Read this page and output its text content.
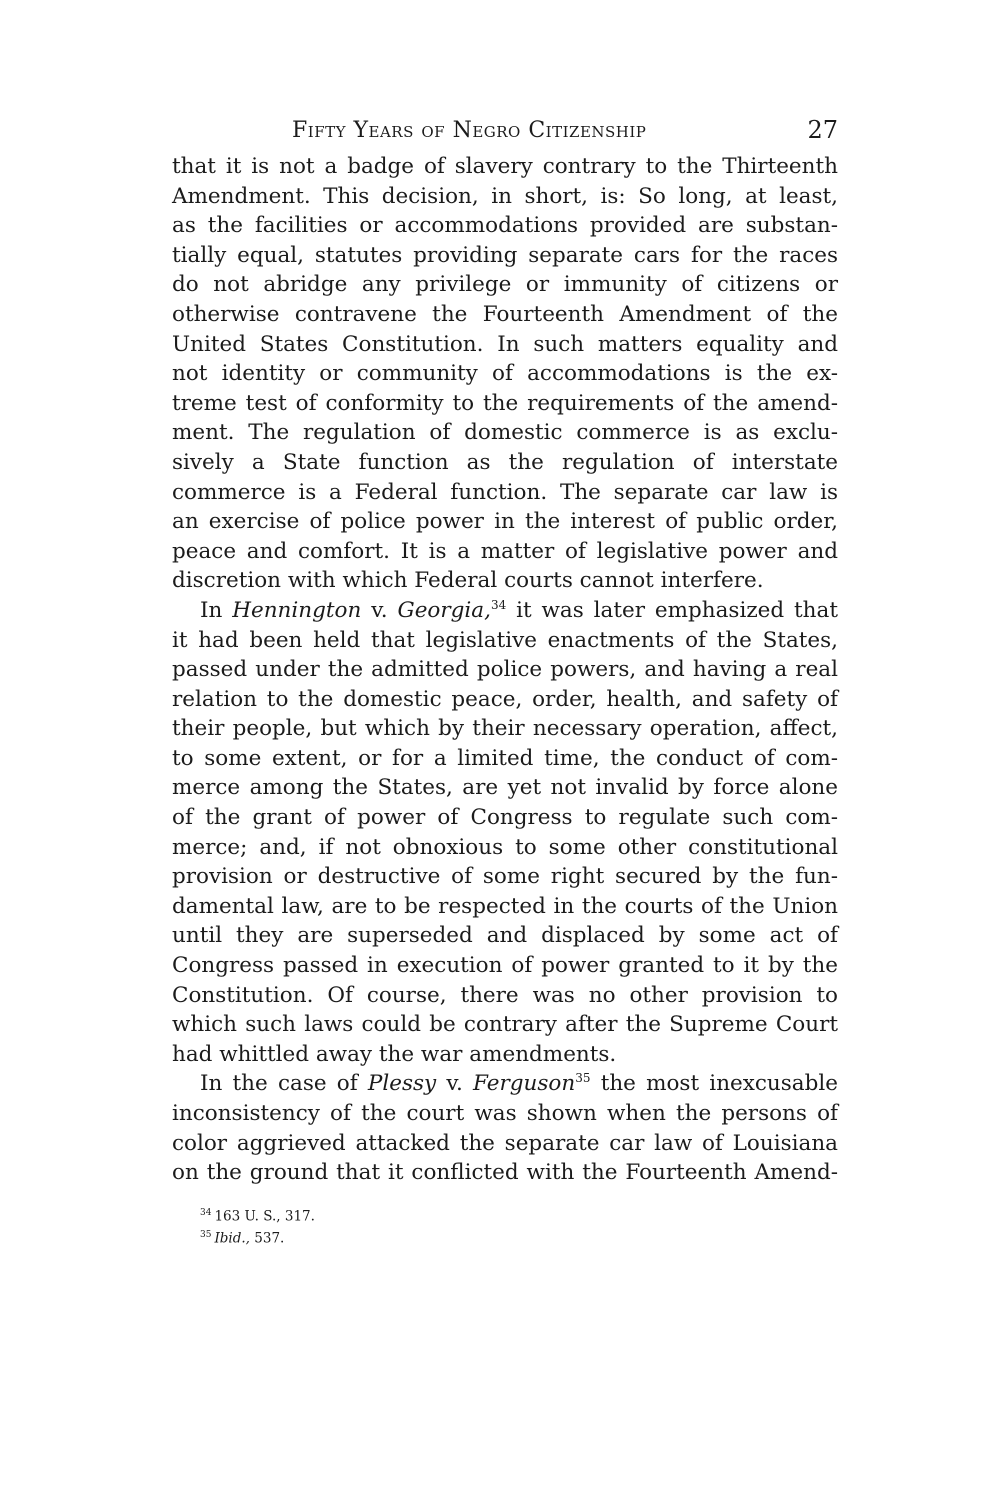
Fifty Years of Negro Citizenship	27
that it is not a badge of slavery contrary to the Thirteenth
Amendment. This decision, in short, is: So long, at least,
as the facilities or accommodations provided are substan-
tially equal, statutes providing separate cars for the races
do not abridge any privilege or immunity of citizens or
otherwise contravene the Fourteenth Amendment of the
United States Constitution. In such matters equality and
not identity or community of accommodations is the ex-
treme test of conformity to the requirements of the amend-
ment. The regulation of domestic commerce is as exclu-
sively a State function as the regulation of interstate
commerce is a Federal function. The separate car law is
an exercise of police power in the interest of public order,
peace and comfort. It is a matter of legislative power and
discretion with which Federal courts cannot interfere.
In Hennington v. Georgia,$^{34}$ it was later emphasized that
it had been held that legislative enactments of the States,
passed under the admitted police powers, and having a real
relation to the domestic peace, order, health, and safety of
their people, but which by their necessary operation, affect,
to some extent, or for a limited time, the conduct of com-
merce among the States, are yet not invalid by force alone
of the grant of power of Congress to regulate such com-
merce; and, if not obnoxious to some other constitutional
provision or destructive of some right secured by the fun-
damental law, are to be respected in the courts of the Union
until they are superseded and displaced by some act of
Congress passed in execution of power granted to it by the
Constitution. Of course, there was no other provision to
which such laws could be contrary after the Supreme Court
had whittled away the war amendments.
In the case of Plessy v. Ferguson$^{35}$ the most inexcusable
inconsistency of the court was shown when the persons of
color aggrieved attacked the separate car law of Louisiana
on the ground that it conflicted with the Fourteenth Amend-
$^{34}$ 163 U. S., 317.
$^{35}$ Ibid., 537.
